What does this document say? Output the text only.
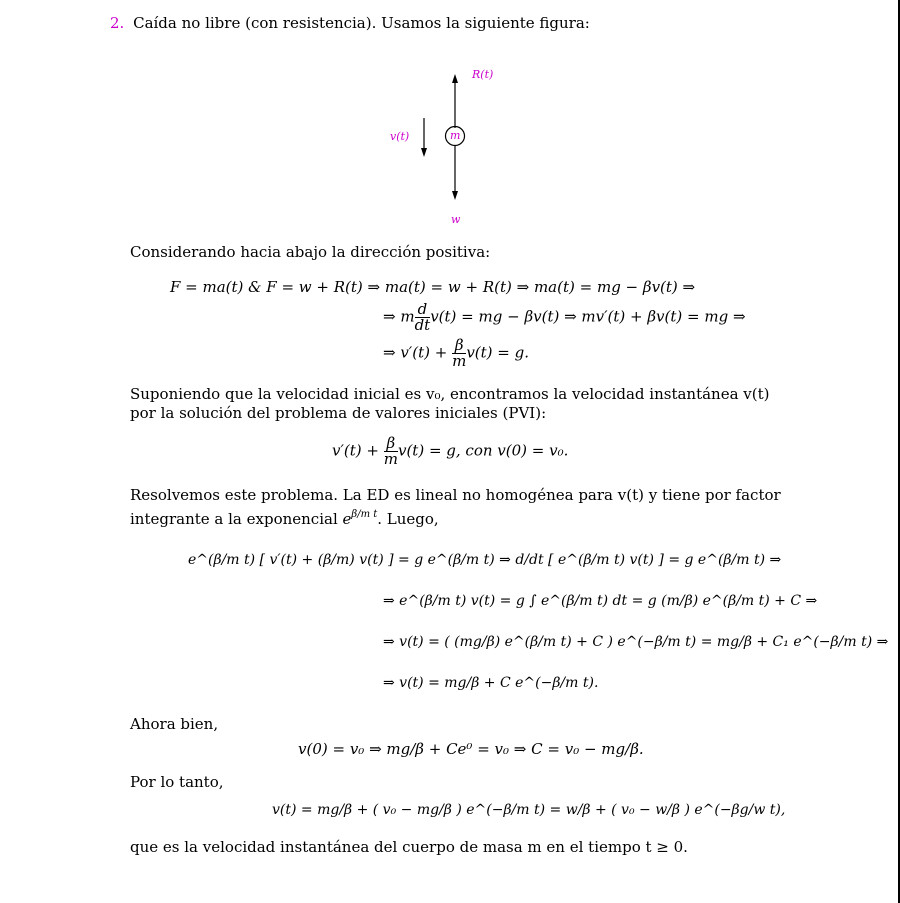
2. Caída no libre (con resistencia). Usamos la siguiente figura:
R(t)
v(t)	m
w
Considerando hacia abajo la dirección positiva:
F = ma(t) & F = w + R(t) ⇒ ma(t) = w + R(t) ⇒ ma(t) = mg − βv(t) ⇒
⇒ m $\frac{d}{dt} v(t)$ = mg − βv(t) ⇒ mv′(t) + βv(t) = mg ⇒
⇒ $v'(t) + \frac{\beta}{m} v(t) = g$.
Suponiendo que la velocidad inicial es v₀, encontramos la velocidad instantánea v(t) por la solución del problema de valores iniciales (PVI):
$v'(t) + \frac{\beta}{m} v(t) = g$, con v(0) = v₀.
Resolvemos este problema. La ED es lineal no homogénea para v(t) y tiene por factor integrante a la exponencial $e^{\beta/m t}$. Luego,
e^(β/m t) [ v′(t) + (β/m) v(t) ] = g e^(β/m t) ⇒ d/dt [ e^(β/m t) v(t) ] = g e^(β/m t) ⇒
⇒ e^(β/m t) v(t) = g ∫ e^(β/m t) dt = g (m/β) e^(β/m t) + C ⇒
⇒ v(t) = ( (mg/β) e^(β/m t) + C ) e^(−β/m t) = mg/β + C₁ e^(−β/m t) ⇒
⇒ v(t) = mg/β + C e^(−β/m t).
Ahora bien,
v(0) = v₀ ⇒ mg/β + Ce⁰ = v₀ ⇒ C = v₀ − mg/β.
Por lo tanto,
v(t) = mg/β + ( v₀ − mg/β ) e^(−β/m t) = w/β + ( v₀ − w/β ) e^(−βg/w t),
que es la velocidad instantánea del cuerpo de masa m en el tiempo t ≥ 0.
